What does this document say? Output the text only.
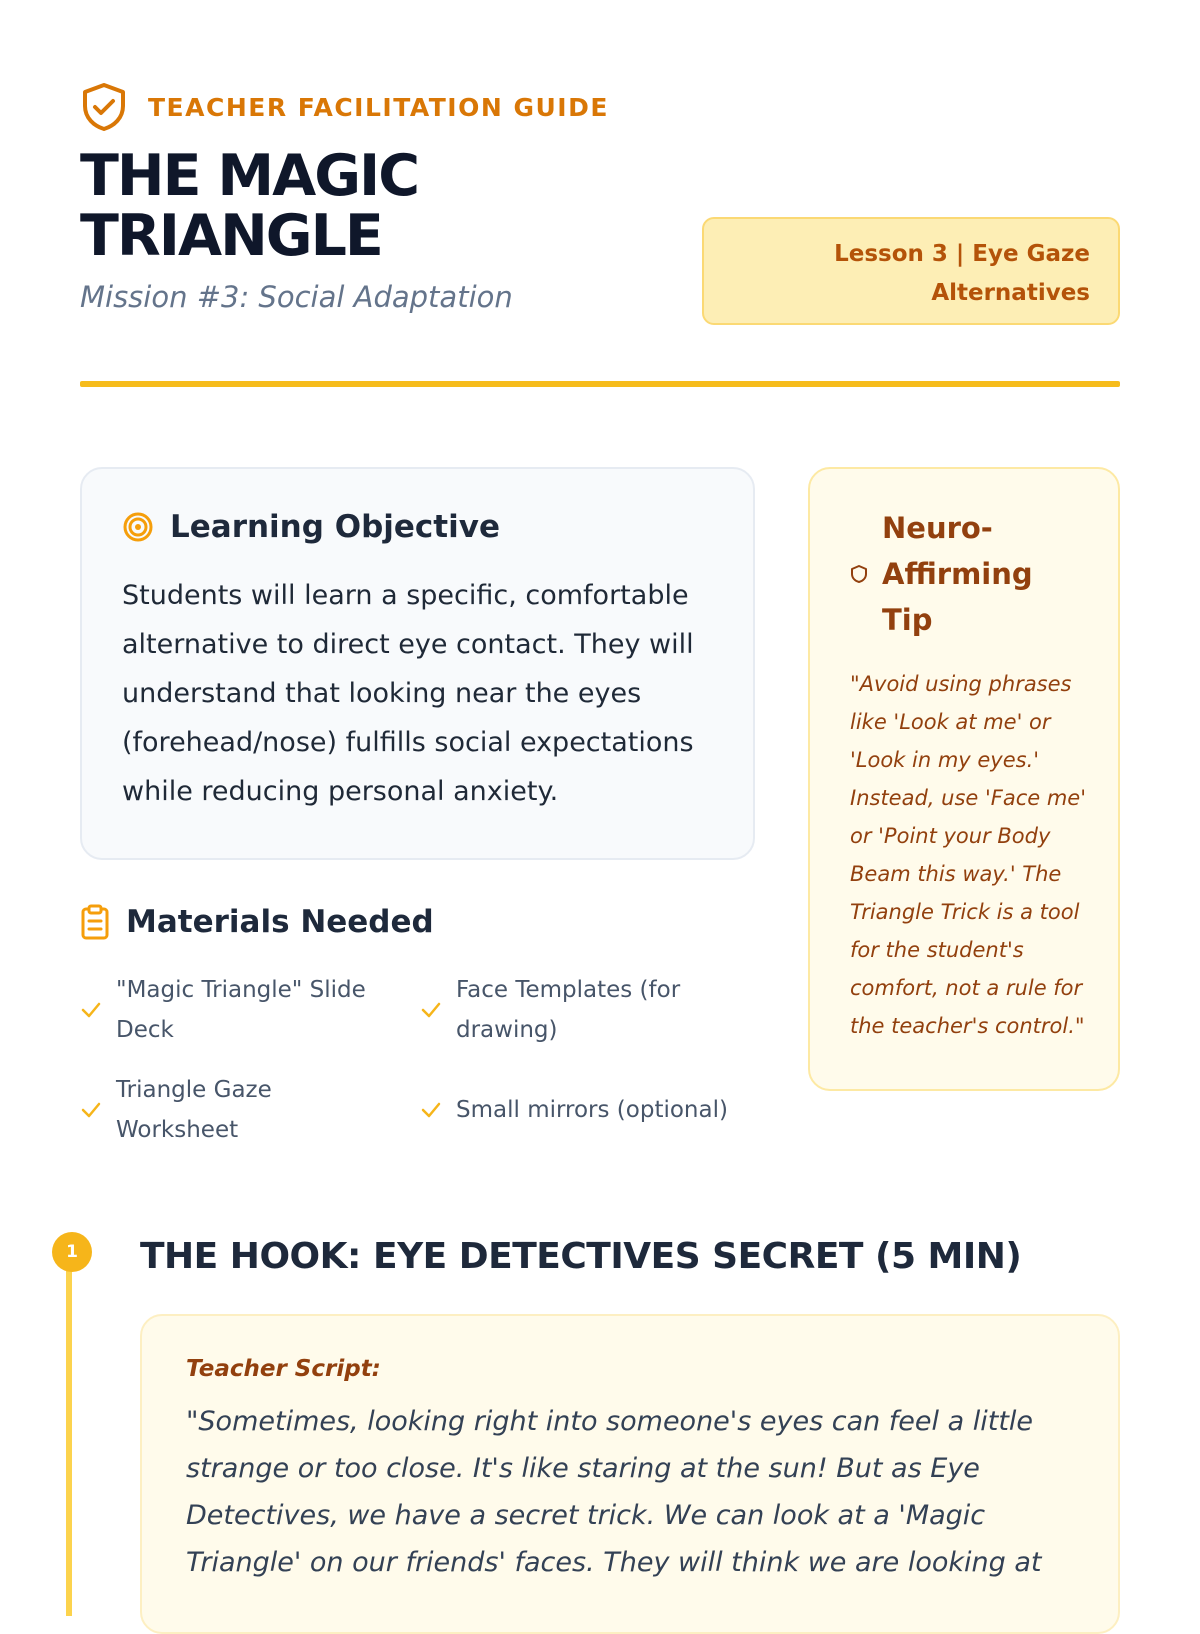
TEACHER FACILITATION GUIDE
THE MAGIC TRIANGLE
Mission #3: Social Adaptation
Lesson 3 | Eye Gaze Alternatives
Learning Objective

Students will learn a specific, comfortable alternative to direct eye contact. They will understand that looking near the eyes (forehead/nose) fulfills social expectations while reducing personal anxiety.

Materials Needed
"Magic Triangle" Slide Deck
Face Templates (for drawing)
Triangle Gaze Worksheet
Small mirrors (optional)
Neuro-Affirming Tip

"Avoid using phrases like 'Look at me' or 'Look in my eyes.' Instead, use 'Face me' or 'Point your Body Beam this way.' The Triangle Trick is a tool for the student's comfort, not a rule for the teacher's control."

1	THE HOOK: EYE DETECTIVES SECRET (5 MIN)
Teacher Script:

"Sometimes, looking right into someone's eyes can feel a little strange or too close. It's like staring at the sun! But as Eye Detectives, we have a secret trick. We can look at a 'Magic Triangle' on our friends' faces. They will think we are looking at
